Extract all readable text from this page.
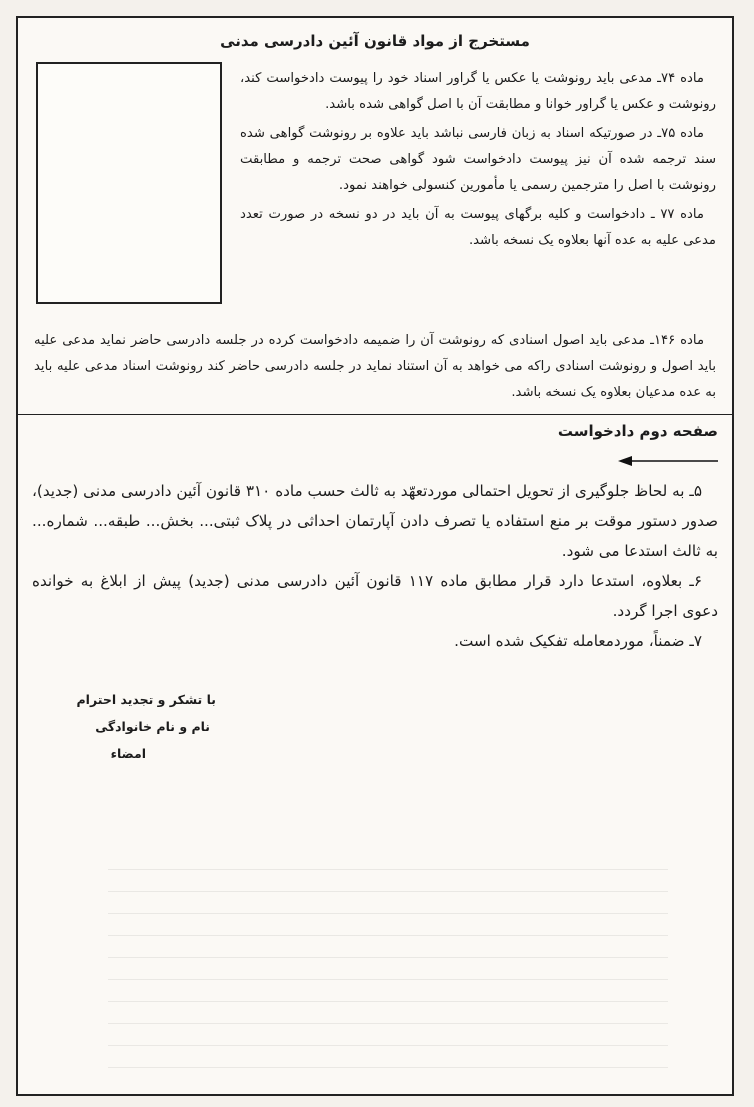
مستخرج از مواد قانون آئین دادرسی مدنی

ماده ۷۴ـ مدعی باید رونوشت یا عکس یا گراور اسناد خود را پیوست دادخواست کند، رونوشت و عکس یا گراور خوانا و مطابقت آن با اصل گواهی شده باشد.

ماده ۷۵ـ در صورتیکه اسناد به زبان فارسی نباشد باید علاوه بر رونوشت گواهی شده سند ترجمه شده آن نیز پیوست دادخواست شود گواهی صحت ترجمه و مطابقت رونوشت با اصل را مترجمین رسمی یا مأمورین کنسولی خواهند نمود.

ماده ۷۷ ـ دادخواست و کلیه برگهای پیوست به آن باید در دو نسخه در صورت تعدد مدعی علیه به عده آنها بعلاوه یک نسخه باشد.

ماده ۱۴۶ـ مدعی باید اصول اسنادی که رونوشت آن را ضمیمه دادخواست کرده در جلسه دادرسی حاضر نماید مدعی علیه باید اصول و رونوشت اسنادی راکه می خواهد به آن استناد نماید در جلسه دادرسی حاضر کند رونوشت اسناد مدعی علیه باید به عده مدعیان بعلاوه یک نسخه باشد.

صفحه دوم دادخواست

۵ـ به لحاظ جلوگیری از تحویل احتمالی موردتعهّد به ثالث حسب ماده ۳۱۰ قانون آئین دادرسی مدنی (جدید)، صدور دستور موقت بر منع استفاده یا تصرف دادن آپارتمان احداثی در پلاک ثبتی... بخش... طبقه... شماره... به ثالث استدعا می شود.

۶ـ بعلاوه، استدعا دارد قرار مطابق ماده ۱۱۷ قانون آئین دادرسی مدنی (جدید) پیش از ابلاغ به خوانده دعوی اجرا گردد.

۷ـ ضمناً، موردمعامله تفکیک شده است.

با تشکر و تجدید احترام
نام و نام خانوادگی
امضاء
